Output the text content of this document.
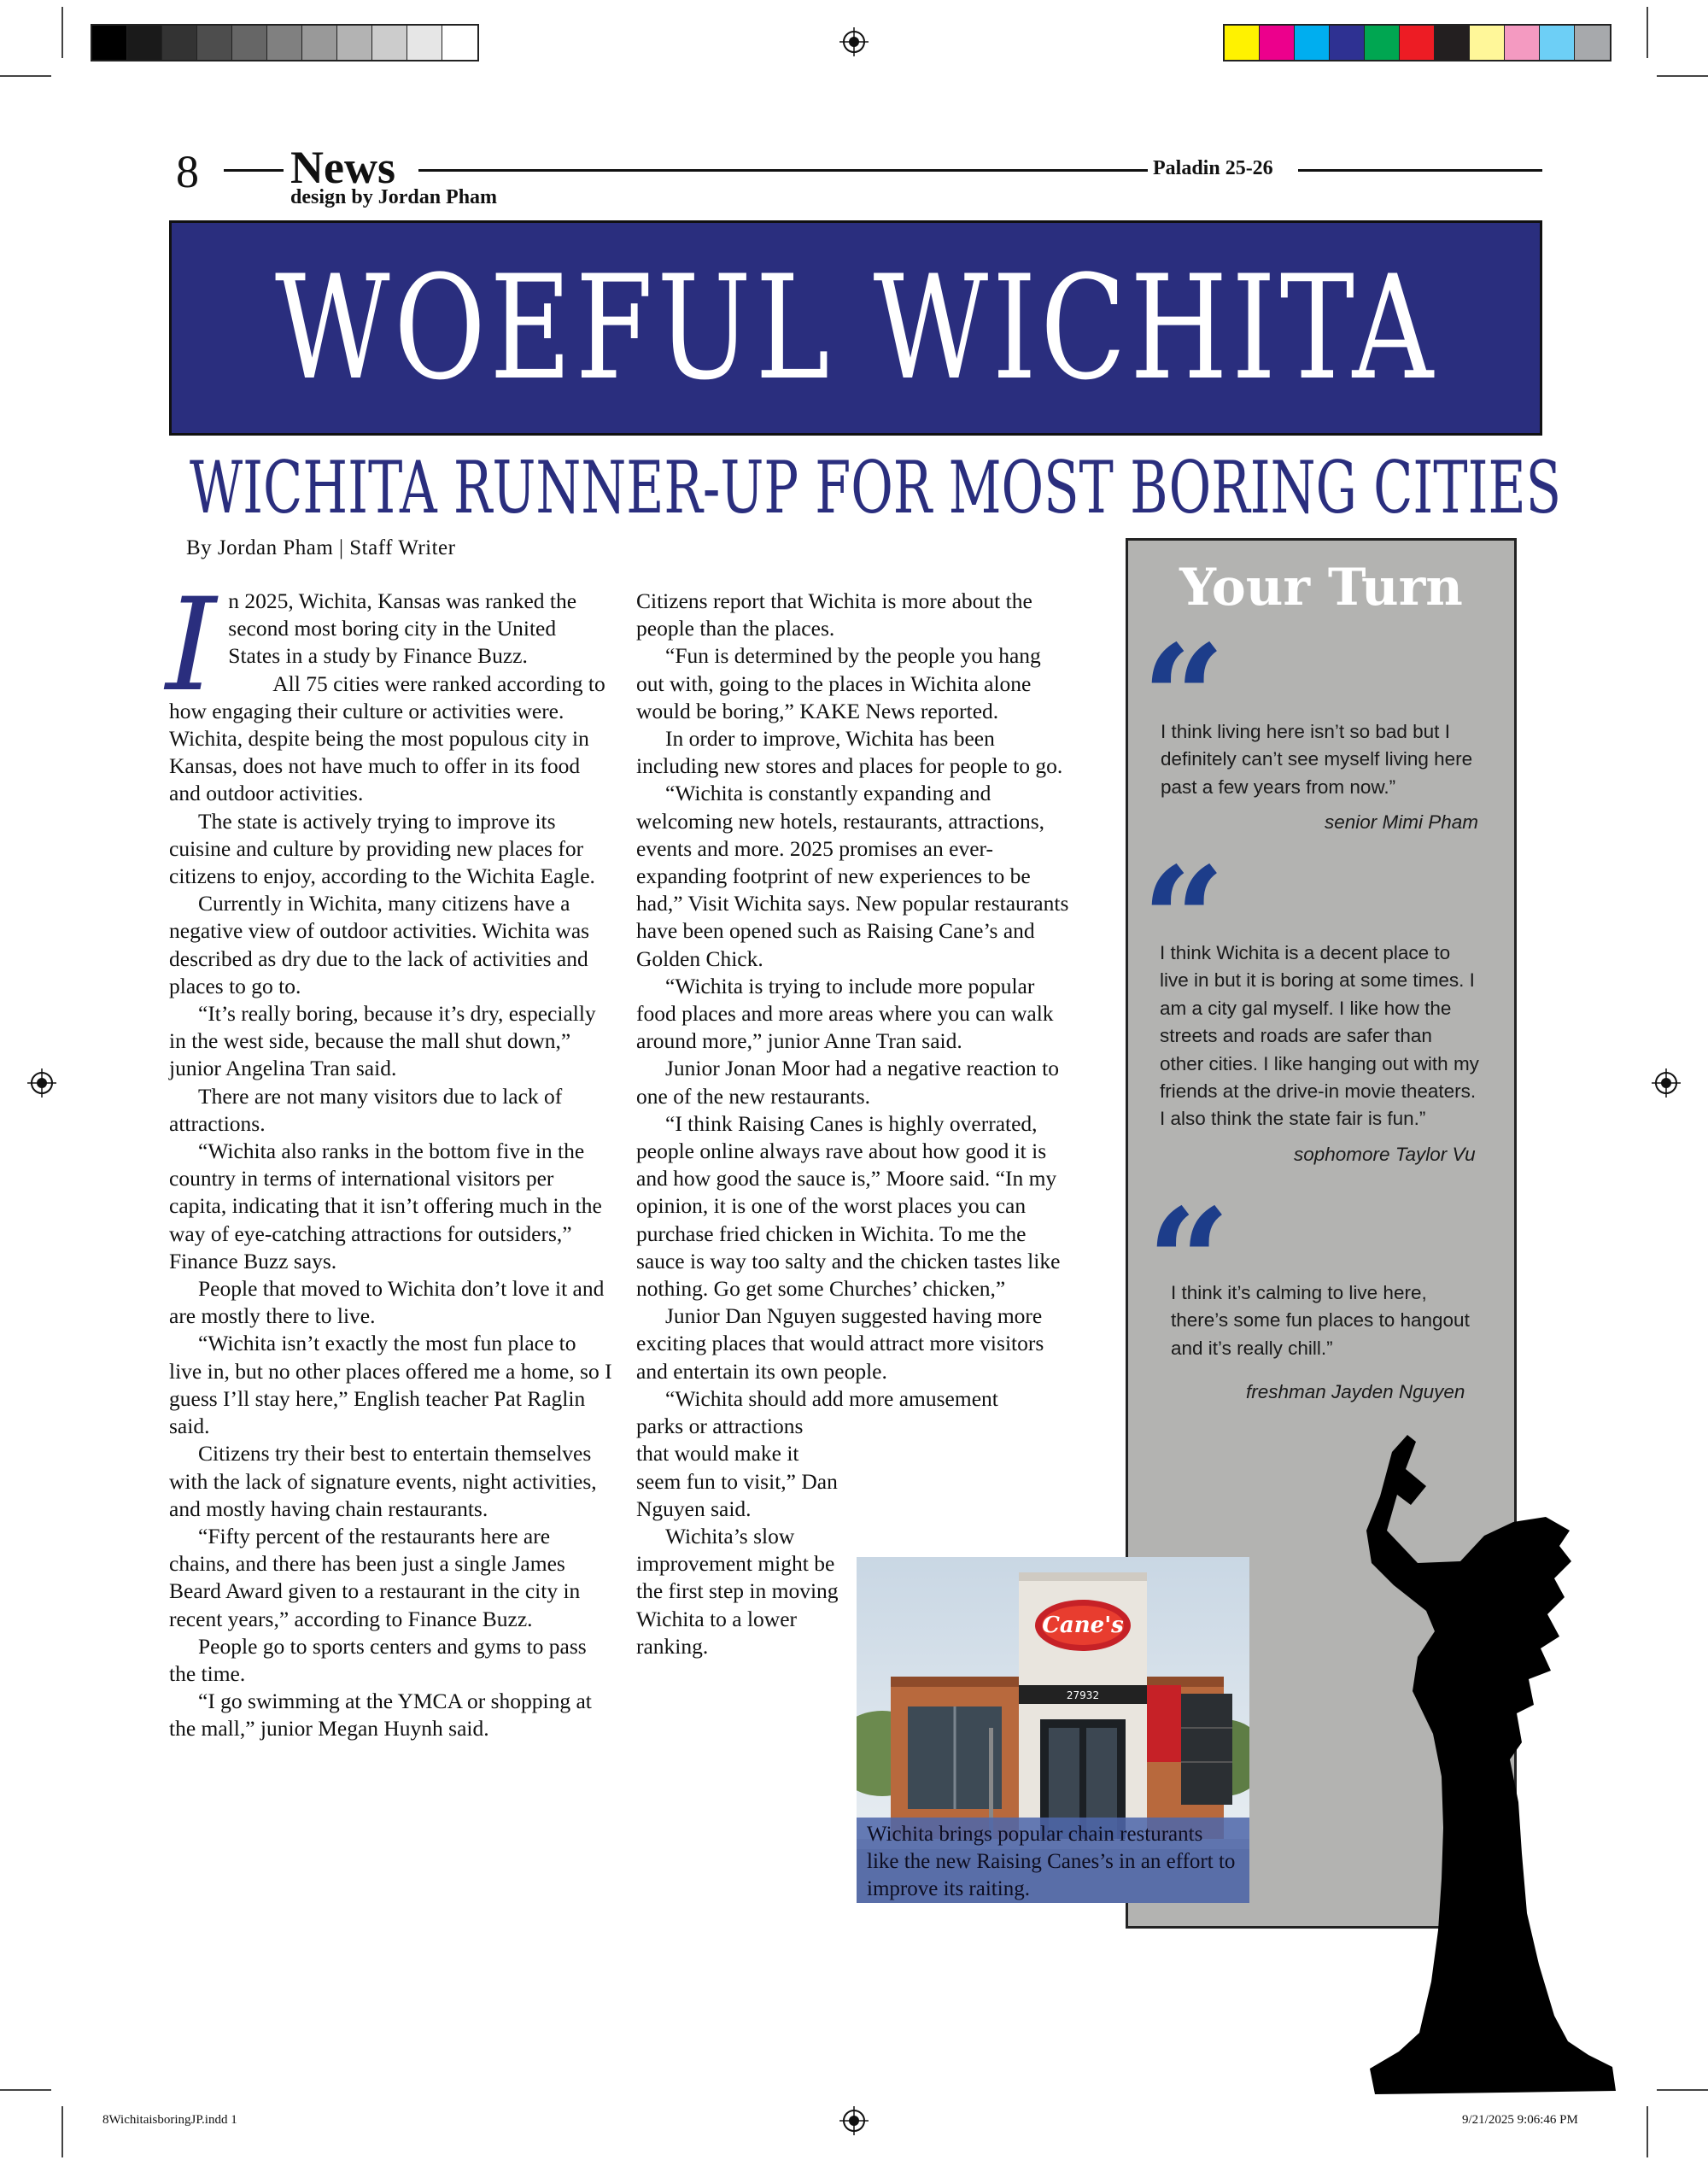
8 News
design by Jordan Pham
Paladin 25-26
WOEFUL WICHITA
WICHITA RUNNER-UP FOR MOST BORING CITIES
By Jordan Pham | Staff Writer
I n 2025, Wichita, Kansas was ranked the second most boring city in the United States in a study by Finance Buzz.

All 75 cities were ranked according to how engaging their culture or activities were. Wichita, despite being the most populous city in Kansas, does not have much to offer in its food and outdoor activities.

The state is actively trying to improve its cuisine and culture by providing new places for citizens to enjoy, according to the Wichita Eagle.

Currently in Wichita, many citizens have a negative view of outdoor activities. Wichita was described as dry due to the lack of activities and places to go to.

“It’s really boring, because it’s dry, especially in the west side, because the mall shut down,” junior Angelina Tran said.

There are not many visitors due to lack of attractions.

“Wichita also ranks in the bottom five in the country in terms of international visitors per capita, indicating that it isn’t offering much in the way of eye-catching attractions for outsiders,” Finance Buzz says.

People that moved to Wichita don’t love it and are mostly there to live.

“Wichita isn’t exactly the most fun place to live in, but no other places offered me a home, so I guess I’ll stay here,” English teacher Pat Raglin said.

Citizens try their best to entertain themselves with the lack of signature events, night activities, and mostly having chain restaurants.

“Fifty percent of the restaurants here are chains, and there has been just a single James Beard Award given to a restaurant in the city in recent years,” according to Finance Buzz.

People go to sports centers and gyms to pass the time.

“I go swimming at the YMCA or shopping at the mall,” junior Megan Huynh said.

Citizens report that Wichita is more about the people than the places.

“Fun is determined by the people you hang out with, going to the places in Wichita alone would be boring,” KAKE News reported.

In order to improve, Wichita has been including new stores and places for people to go.

“Wichita is constantly expanding and welcoming new hotels, restaurants, attractions, events and more. 2025 promises an ever-expanding footprint of new experiences to be had,” Visit Wichita says. New popular restaurants have been opened such as Raising Cane’s and Golden Chick.

“Wichita is trying to include more popular food places and more areas where you can walk around more,” junior Anne Tran said.

Junior Jonan Moor had a negative reaction to one of the new restaurants.

“I think Raising Canes is highly overrated, people online always rave about how good it is and how good the sauce is,” Moore said. “In my opinion, it is one of the worst places you can purchase fried chicken in Wichita. To me the sauce is way too salty and the chicken tastes like nothing. Go get some Churches’ chicken,”

Junior Dan Nguyen suggested having more exciting places that would attract more visitors and entertain its own people.

“Wichita should add more amusement

parks or attractions that would make it seem fun to visit,” Dan Nguyen said.

Wichita’s slow improvement might be the first step in moving Wichita to a lower ranking.

Your Turn
“
I think living here isn’t so bad but I definitely can’t see myself living here past a few years from now.”
senior Mimi Pham
“
I think Wichita is a decent place to live in but it is boring at some times. I am a city gal myself. I like how the streets and roads are safer than other cities. I like hanging out with my friends at the drive-in movie theaters. I also think the state fair is fun.”
sophomore Taylor Vu
“
I think it’s calming to live here, there’s some fun places to hangout and it’s really chill.”
freshman Jayden Nguyen
Cane's
27932
Wichita brings popular chain resturants like the new Raising Canes’s in an effort to improve its raiting.
8WichitaisboringJP.indd 1	9/21/2025 9:06:46 PM
